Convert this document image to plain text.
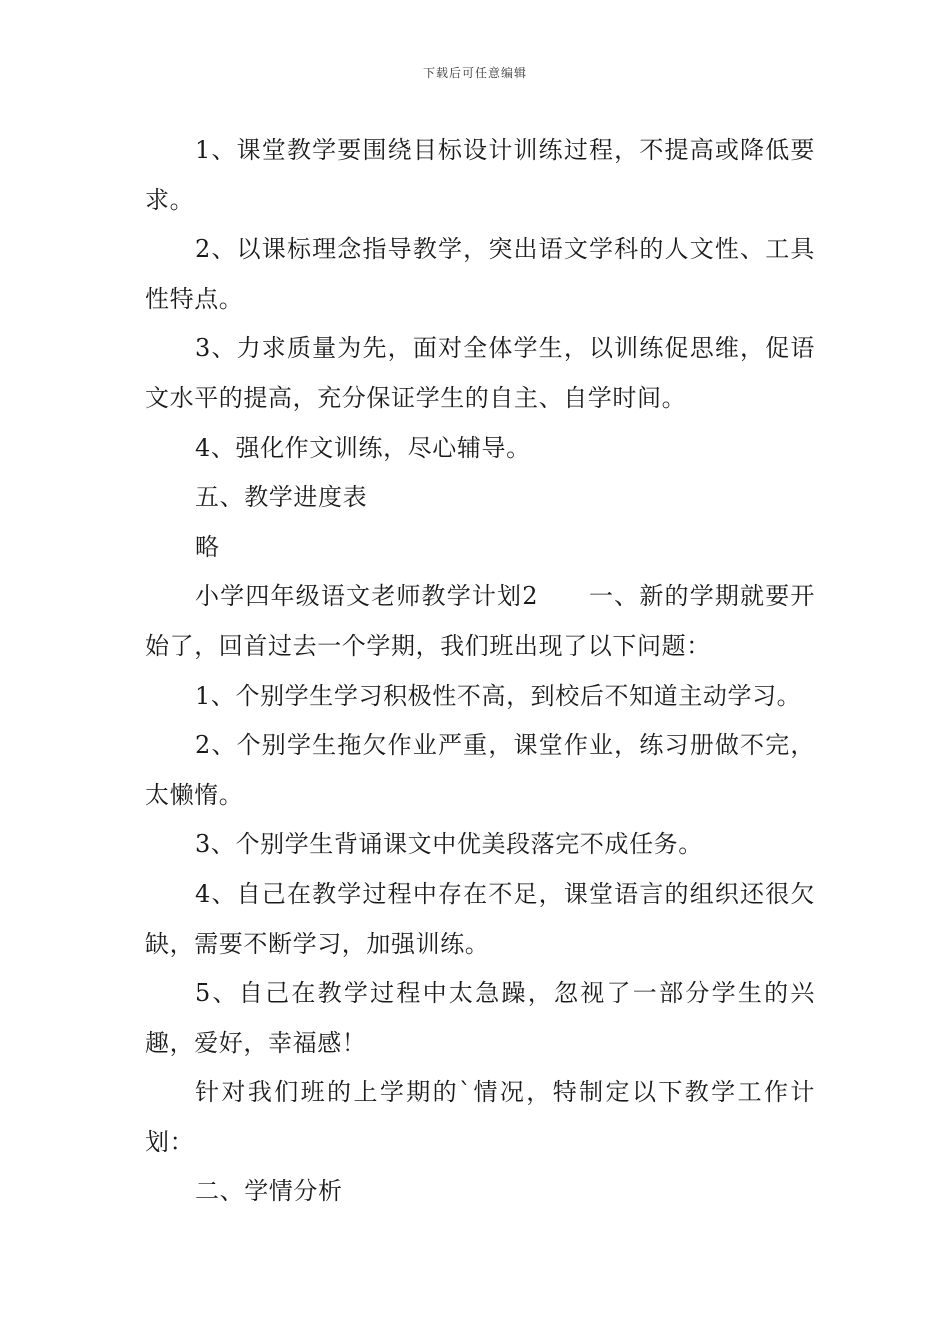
下载后可任意编辑

1、课堂教学要围绕目标设计训练过程，不提高或降低要求。

2、以课标理念指导教学，突出语文学科的人文性、工具性特点。

3、力求质量为先，面对全体学生，以训练促思维，促语文水平的提高，充分保证学生的自主、自学时间。

4、强化作文训练，尽心辅导。

五、教学进度表

略

小学四年级语文老师教学计划2　　一、新的学期就要开始了，回首过去一个学期，我们班出现了以下问题：

1、个别学生学习积极性不高，到校后不知道主动学习。

2、个别学生拖欠作业严重，课堂作业，练习册做不完，太懒惰。

3、个别学生背诵课文中优美段落完不成任务。

4、自己在教学过程中存在不足，课堂语言的组织还很欠缺，需要不断学习，加强训练。

5、自己在教学过程中太急躁，忽视了一部分学生的兴趣，爱好，幸福感！

针对我们班的上学期的`情况，特制定以下教学工作计划：

二、学情分析
